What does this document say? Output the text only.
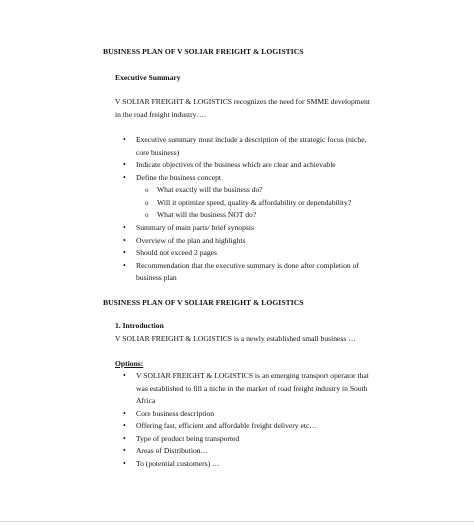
BUSINESS PLAN OF V SOLIAR FREIGHT & LOGISTICS
Executive Summary
V SOLIAR FREIGHT & LOGISTICS recognizes the need for SMME development
in the road freight industry….
• Executive summary must include a description of the strategic focus (niche,
core business)
• Indicate objectives of the business which are clear and achievable
• Define the business concept
o What exactly will the business do?
o Will it optimize speed, quality & affordability or dependability?
o What will the business NOT do?
• Summary of main parts/ brief synopsis
• Overview of the plan and highlights
• Should not exceed 2 pages
• Recommendation that the executive summary is done after completion of
business plan
BUSINESS PLAN OF V SOLIAR FREIGHT & LOGISTICS
1. Introduction
V SOLIAR FREIGHT & LOGISTICS is a newly established small business …
Options:
• V SOLIAR FREIGHT & LOGISTICS is an emerging transport operator that
was established to fill a niche in the market of road freight industry in South
Africa
• Core business description
• Offering fast, efficient and affordable freight delivery etc…
• Type of product being transported
• Areas of Distribution…
• To (potential customers) …
